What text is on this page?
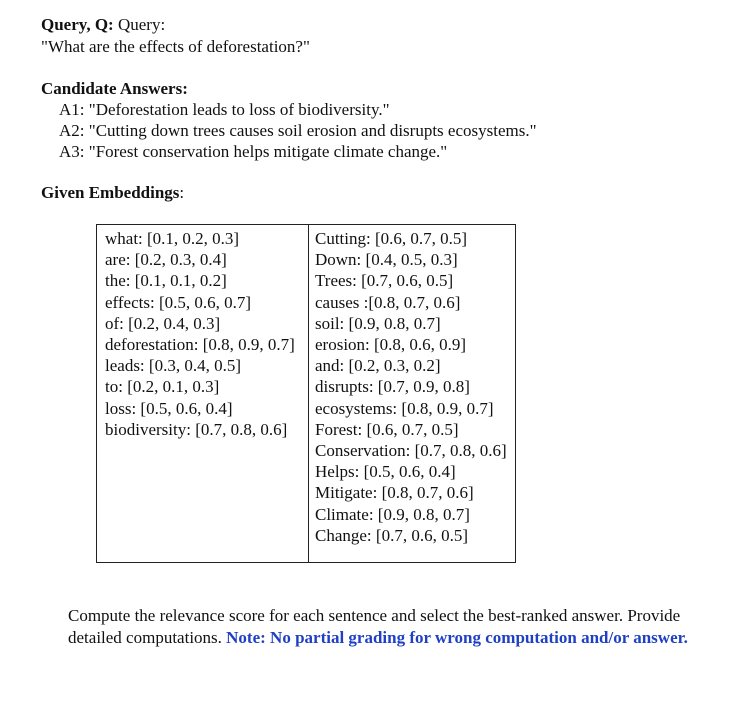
Query, Q: Query:
"What are the effects of deforestation?"
Candidate Answers:
A1: "Deforestation leads to loss of biodiversity."
A2: "Cutting down trees causes soil erosion and disrupts ecosystems."
A3: "Forest conservation helps mitigate climate change."
Given Embeddings:
what: [0.1, 0.2, 0.3]
are: [0.2, 0.3, 0.4]
the: [0.1, 0.1, 0.2]
effects: [0.5, 0.6, 0.7]
of: [0.2, 0.4, 0.3]
deforestation: [0.8, 0.9, 0.7]
leads: [0.3, 0.4, 0.5]
to: [0.2, 0.1, 0.3]
loss: [0.5, 0.6, 0.4]
biodiversity: [0.7, 0.8, 0.6]
Cutting: [0.6, 0.7, 0.5]
Down: [0.4, 0.5, 0.3]
Trees: [0.7, 0.6, 0.5]
causes :[0.8, 0.7, 0.6]
soil: [0.9, 0.8, 0.7]
erosion: [0.8, 0.6, 0.9]
and: [0.2, 0.3, 0.2]
disrupts: [0.7, 0.9, 0.8]
ecosystems: [0.8, 0.9, 0.7]
Forest: [0.6, 0.7, 0.5]
Conservation: [0.7, 0.8, 0.6]
Helps: [0.5, 0.6, 0.4]
Mitigate: [0.8, 0.7, 0.6]
Climate: [0.9, 0.8, 0.7]
Change: [0.7, 0.6, 0.5]
Compute the relevance score for each sentence and select the best-ranked answer. Provide detailed computations. Note: No partial grading for wrong computation and/or answer.
